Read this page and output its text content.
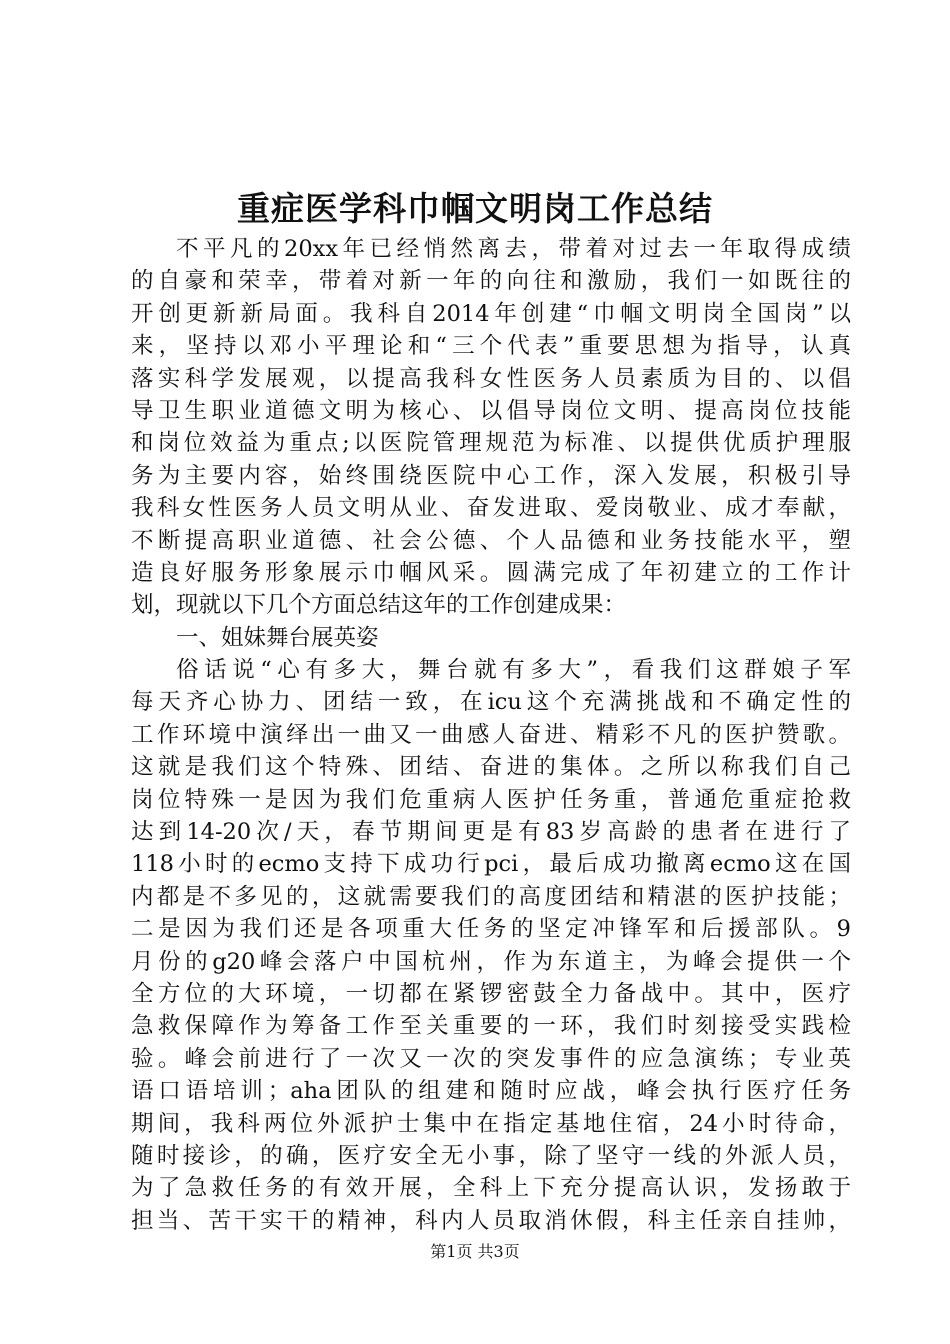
重症医学科巾帼文明岗工作总结
不平凡的20xx年已经悄然离去，带着对过去一年取得成绩
的自豪和荣幸，带着对新一年的向往和激励，我们一如既往的
开创更新新局面。我科自2014年创建“巾帼文明岗全国岗”以
来，坚持以邓小平理论和“三个代表”重要思想为指导，认真
落实科学发展观，以提高我科女性医务人员素质为目的、以倡
导卫生职业道德文明为核心、以倡导岗位文明、提高岗位技能
和岗位效益为重点;以医院管理规范为标准、以提供优质护理服
务为主要内容，始终围绕医院中心工作，深入发展，积极引导
我科女性医务人员文明从业、奋发进取、爱岗敬业、成才奉献，
不断提高职业道德、社会公德、个人品德和业务技能水平，塑
造良好服务形象展示巾帼风采。圆满完成了年初建立的工作计
划，现就以下几个方面总结这年的工作创建成果：
一、姐妹舞台展英姿
俗话说“心有多大，舞台就有多大”，看我们这群娘子军
每天齐心协力、团结一致，在icu这个充满挑战和不确定性的
工作环境中演绎出一曲又一曲感人奋进、精彩不凡的医护赞歌。
这就是我们这个特殊、团结、奋进的集体。之所以称我们自己
岗位特殊一是因为我们危重病人医护任务重，普通危重症抢救
达到14-20次/天，春节期间更是有83岁高龄的患者在进行了
118小时的ecmo支持下成功行pci，最后成功撤离ecmo这在国
内都是不多见的，这就需要我们的高度团结和精湛的医护技能；
二是因为我们还是各项重大任务的坚定冲锋军和后援部队。9
月份的g20峰会落户中国杭州，作为东道主，为峰会提供一个
全方位的大环境，一切都在紧锣密鼓全力备战中。其中，医疗
急救保障作为筹备工作至关重要的一环，我们时刻接受实践检
验。峰会前进行了一次又一次的突发事件的应急演练；专业英
语口语培训；aha团队的组建和随时应战，峰会执行医疗任务
期间，我科两位外派护士集中在指定基地住宿，24小时待命，
随时接诊，的确，医疗安全无小事，除了坚守一线的外派人员，
为了急救任务的有效开展，全科上下充分提高认识，发扬敢于
担当、苦干实干的精神，科内人员取消休假，科主任亲自挂帅，
第1页 共3页
